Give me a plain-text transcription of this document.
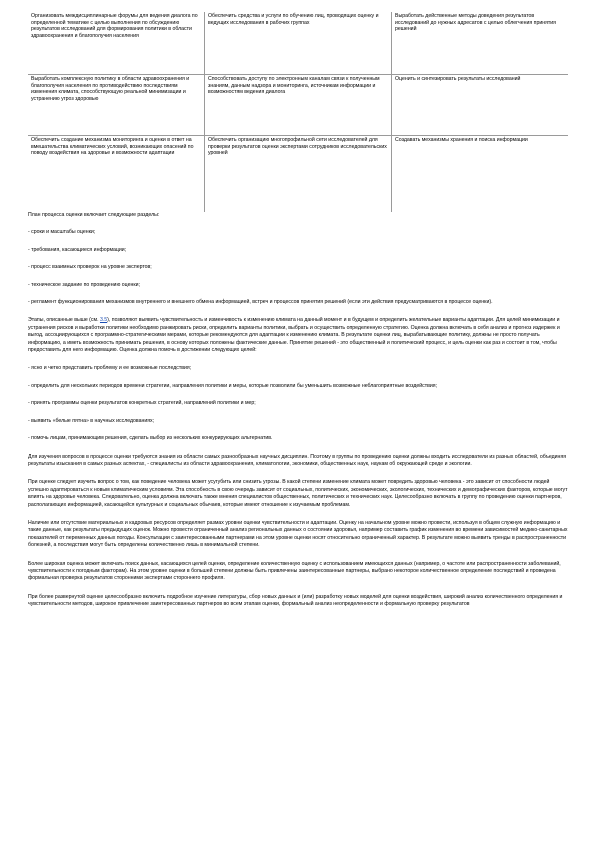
Организовать междисциплинарные форумы для ведения диалога по определенной тематике с целью выполнения по обсуждению результатов исследований для формирования политики в области здравоохранения и благополучия населения	Обеспечить средства и услуги по обучению лиц, проводящих оценку и ведущих исследования в рабочих группах	Выработать действенные методы доведения результатов исследований до нужных адресатов с целью облегчения принятия решений
Выработать комплексную политику в области здравоохранения и благополучия населения по противодействию последствиям изменения климата, способствующую реальной минимизации и устранению угроз здоровью	Способствовать доступу по электронным каналам связи к полученным знаниям, данным надзора и мониторинга, источникам информации и возможностям ведения диалога	Оценить и синтезировать результаты исследований
Обеспечить создание механизма мониторинга и оценки в ответ на вмешательства климатических условий, возникающих опасений по поводу воздействия на здоровье и возможности адаптации	Обеспечить организацию многопрофильной сети исследователей для проверки результатов оценки экспертами сотрудников исследовательских уровней	Создавать механизмы хранения и поиска информации

План процесса оценки включает следующие разделы:

- сроки и масштабы оценки;

- требования, касающиеся информации;

- процесс взаимных проверок на уровне экспертов;

- техническое задание по проведению оценки;

- регламент функционирования механизмов внутреннего и внешнего обмена информацией, встреч и процессов принятия решений (если эти действия предусматриваются в процессе оценки).

Этапы, описанные выше (см. 3.5), позволяют выявить чувствительность и изменчивость к изменению климата на данный момент и в будущем и определить желательные варианты адаптации. Для целей минимизации и устранения рисков и выработки политики необходимо ранжировать риски, определить варианты политики, выбрать и осуществить определенную стратегию. Оценка должна включать в себя анализ и прогноз издержек и выгод, ассоциирующихся с программно-стратегическими мерами, которые рекомендуются для адаптации к изменению климата. В результате оценки лиц, вырабатывающие политику, должны не просто получать информацию, а иметь возможность принимать решения, в основу которых положены фактические данные. Принятие решений - это общественный и политический процесс, и цель оценки как раз и состоит в том, чтобы предоставить для него информацию. Оценка должна помочь в достижении следующих целей:

- ясно и четко представить проблему и ее возможные последствия;

- определить для нескольких периодов времени стратегии, направления политики и меры, которые позволили бы уменьшить возможные неблагоприятные воздействия;

- принять программы оценки результатов конкретных стратегий, направлений политики и мер;

- выявить «белые пятна» в научных исследованиях;

- помочь лицам, принимающим решения, сделать выбор из нескольких конкурирующих альтернатив.

Для изучения вопросов в процессе оценки требуются знания из области самых разнообразных научных дисциплин. Поэтому в группы по проведению оценки должны входить исследователи из разных областей, объединяя результаты изыскания в самых разных аспектах, - специалисты из области здравоохранения, климатологии, экономики, общественных наук, наукам об окружающей среде и экологии.

При оценке следует изучить вопрос о том, как поведение человека может усугубить или снизить угрозы. В какой степени изменение климата может повредить здоровью человека - это зависит от способности людей успешно адаптироваться к новым климатическим условиям. Эта способность в свою очередь зависит от социальных, политических, экономических, экологических, технических и демографических факторов, которые могут влиять на здоровье человека. Следовательно, оценка должна включать также мнения специалистов общественных, политических и технических наук. Целесообразно включать в группу по проведению оценки партнеров, располагающих информацией, касающейся культурных и социальных обычаев, которые имеют отношение к изучаемым проблемам.

Наличие или отсутствие материальных и кадровых ресурсов определяет размах уровни оценки чувствительности и адаптации. Оценку на начальном уровне можно провести, используя в общем служную информацию и такие данные, как результаты предыдущих оценок. Можно провести ограниченный анализ региональных данных о состоянии здоровья, например составить график изменения во времени зависимостей медико-санитарных показателей от переменных данных погоды. Консультации с заинтересованными партнерами на этом уровне оценки носят относительно ограниченный характер. В результате можно выявить тренды в распространенности болезней, а последствия могут быть определены количественно лишь в минимальной степени.

Более широкая оценка может включать поиск данных, касающихся целей оценки, определение количественную оценку с использованием имеющихся данных (например, о частоте или распространенности заболеваний, чувствительности к погодным факторам). На этом уровне оценки в большей степени должны быть привлечены заинтересованные партнеры, выбрано некоторое количественное определение последствий и проведена формальная проверка результатов сторонними экспертами стороннего профиля.

При более развернутой оценке целесообразно включить подробное изучение литературы, сбор новых данных и (или) разработку новых моделей для оценки воздействия, широкий анализ количественного определения и чувствительности методов, широкое привлечение заинтересованных партнеров во всем этапам оценки, формальный анализ неопределенности и формальную проверку результатов
